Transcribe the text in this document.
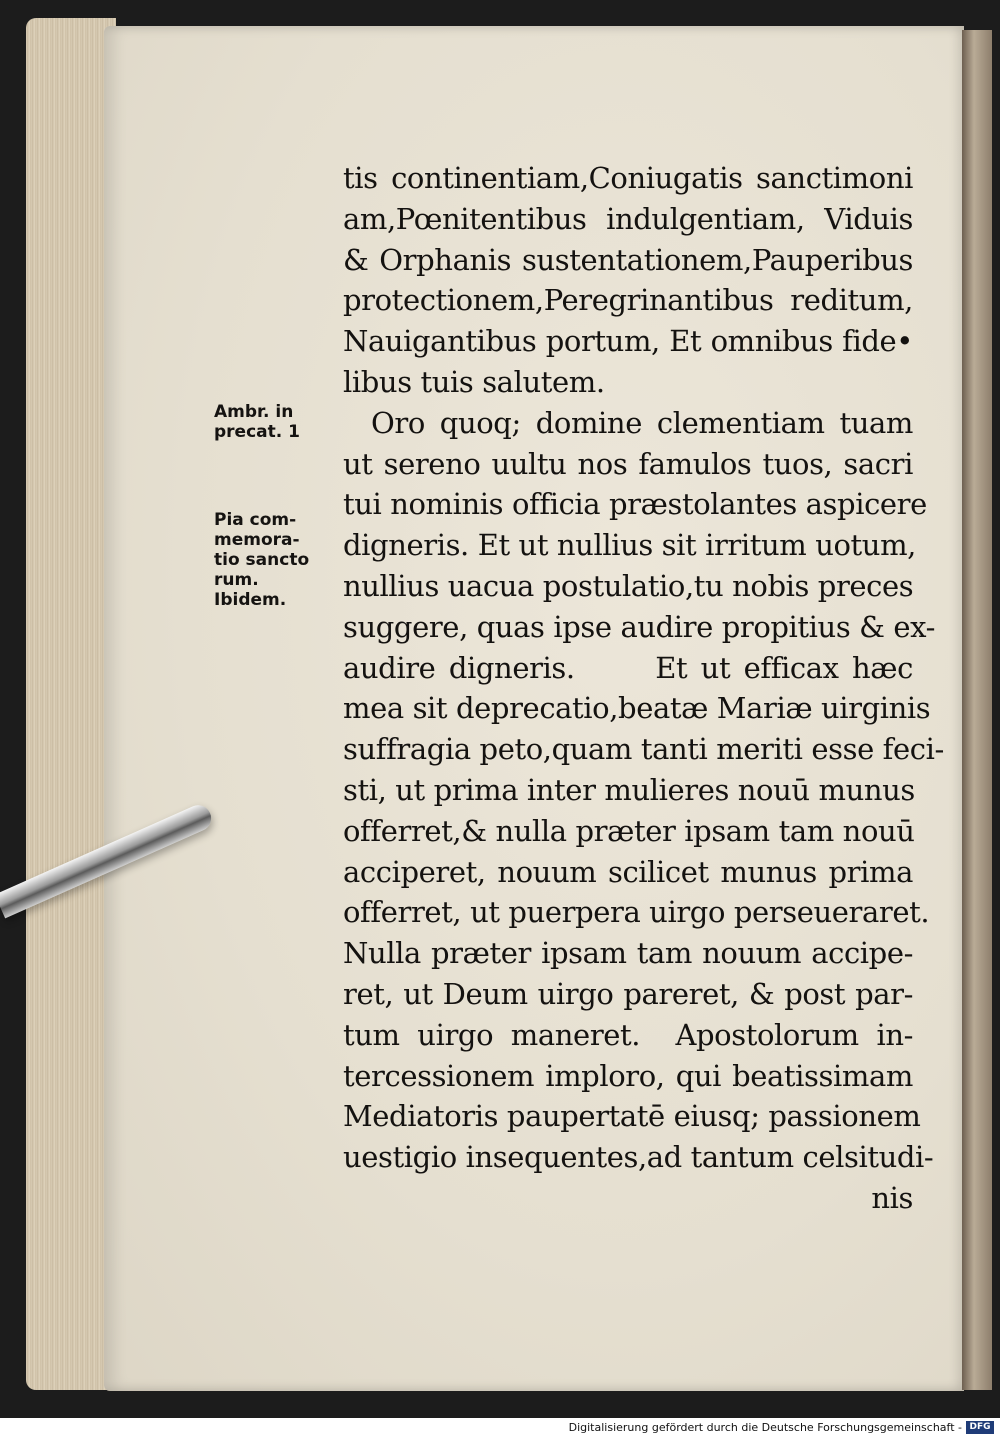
Ambr. in

precat. 1

Pia com-

memora-

tio sancto

rum.

Ibidem.

tis continentiam,Coniugatis sanctimoni
am,Pœnitentibus indulgentiam, Viduis
& Orphanis sustentationem,Pauperibus
protectionem,Peregrinantibus reditum,
Nauigantibus portum, Et omnibus fide•
libus tuis salutem.
Oro quoq; domine clementiam tuam
ut sereno uultu nos famulos tuos, sacri
tui nominis officia præstolantes aspicere
digneris. Et ut nullius sit irritum uotum,
nullius uacua postulatio,tu nobis preces
suggere, quas ipse audire propitius & ex-
audire digneris.      Et ut efficax hæc
mea sit deprecatio,beatæ Mariæ uirginis
suffragia peto,quam tanti meriti esse feci-
sti, ut prima inter mulieres nouū munus
offerret,& nulla præter ipsam tam nouū
acciperet, nouum scilicet munus prima
offerret, ut puerpera uirgo perseueraret.
Nulla præter ipsam tam nouum accipe-
ret, ut Deum uirgo pareret, & post par-
tum uirgo maneret.  Apostolorum in-
tercessionem imploro, qui beatissimam
Mediatoris paupertatē eiusq; passionem
uestigio insequentes,ad tantum celsitudi-
nis
Digitalisierung gefördert durch die Deutsche Forschungsgemeinschaft - DFG
